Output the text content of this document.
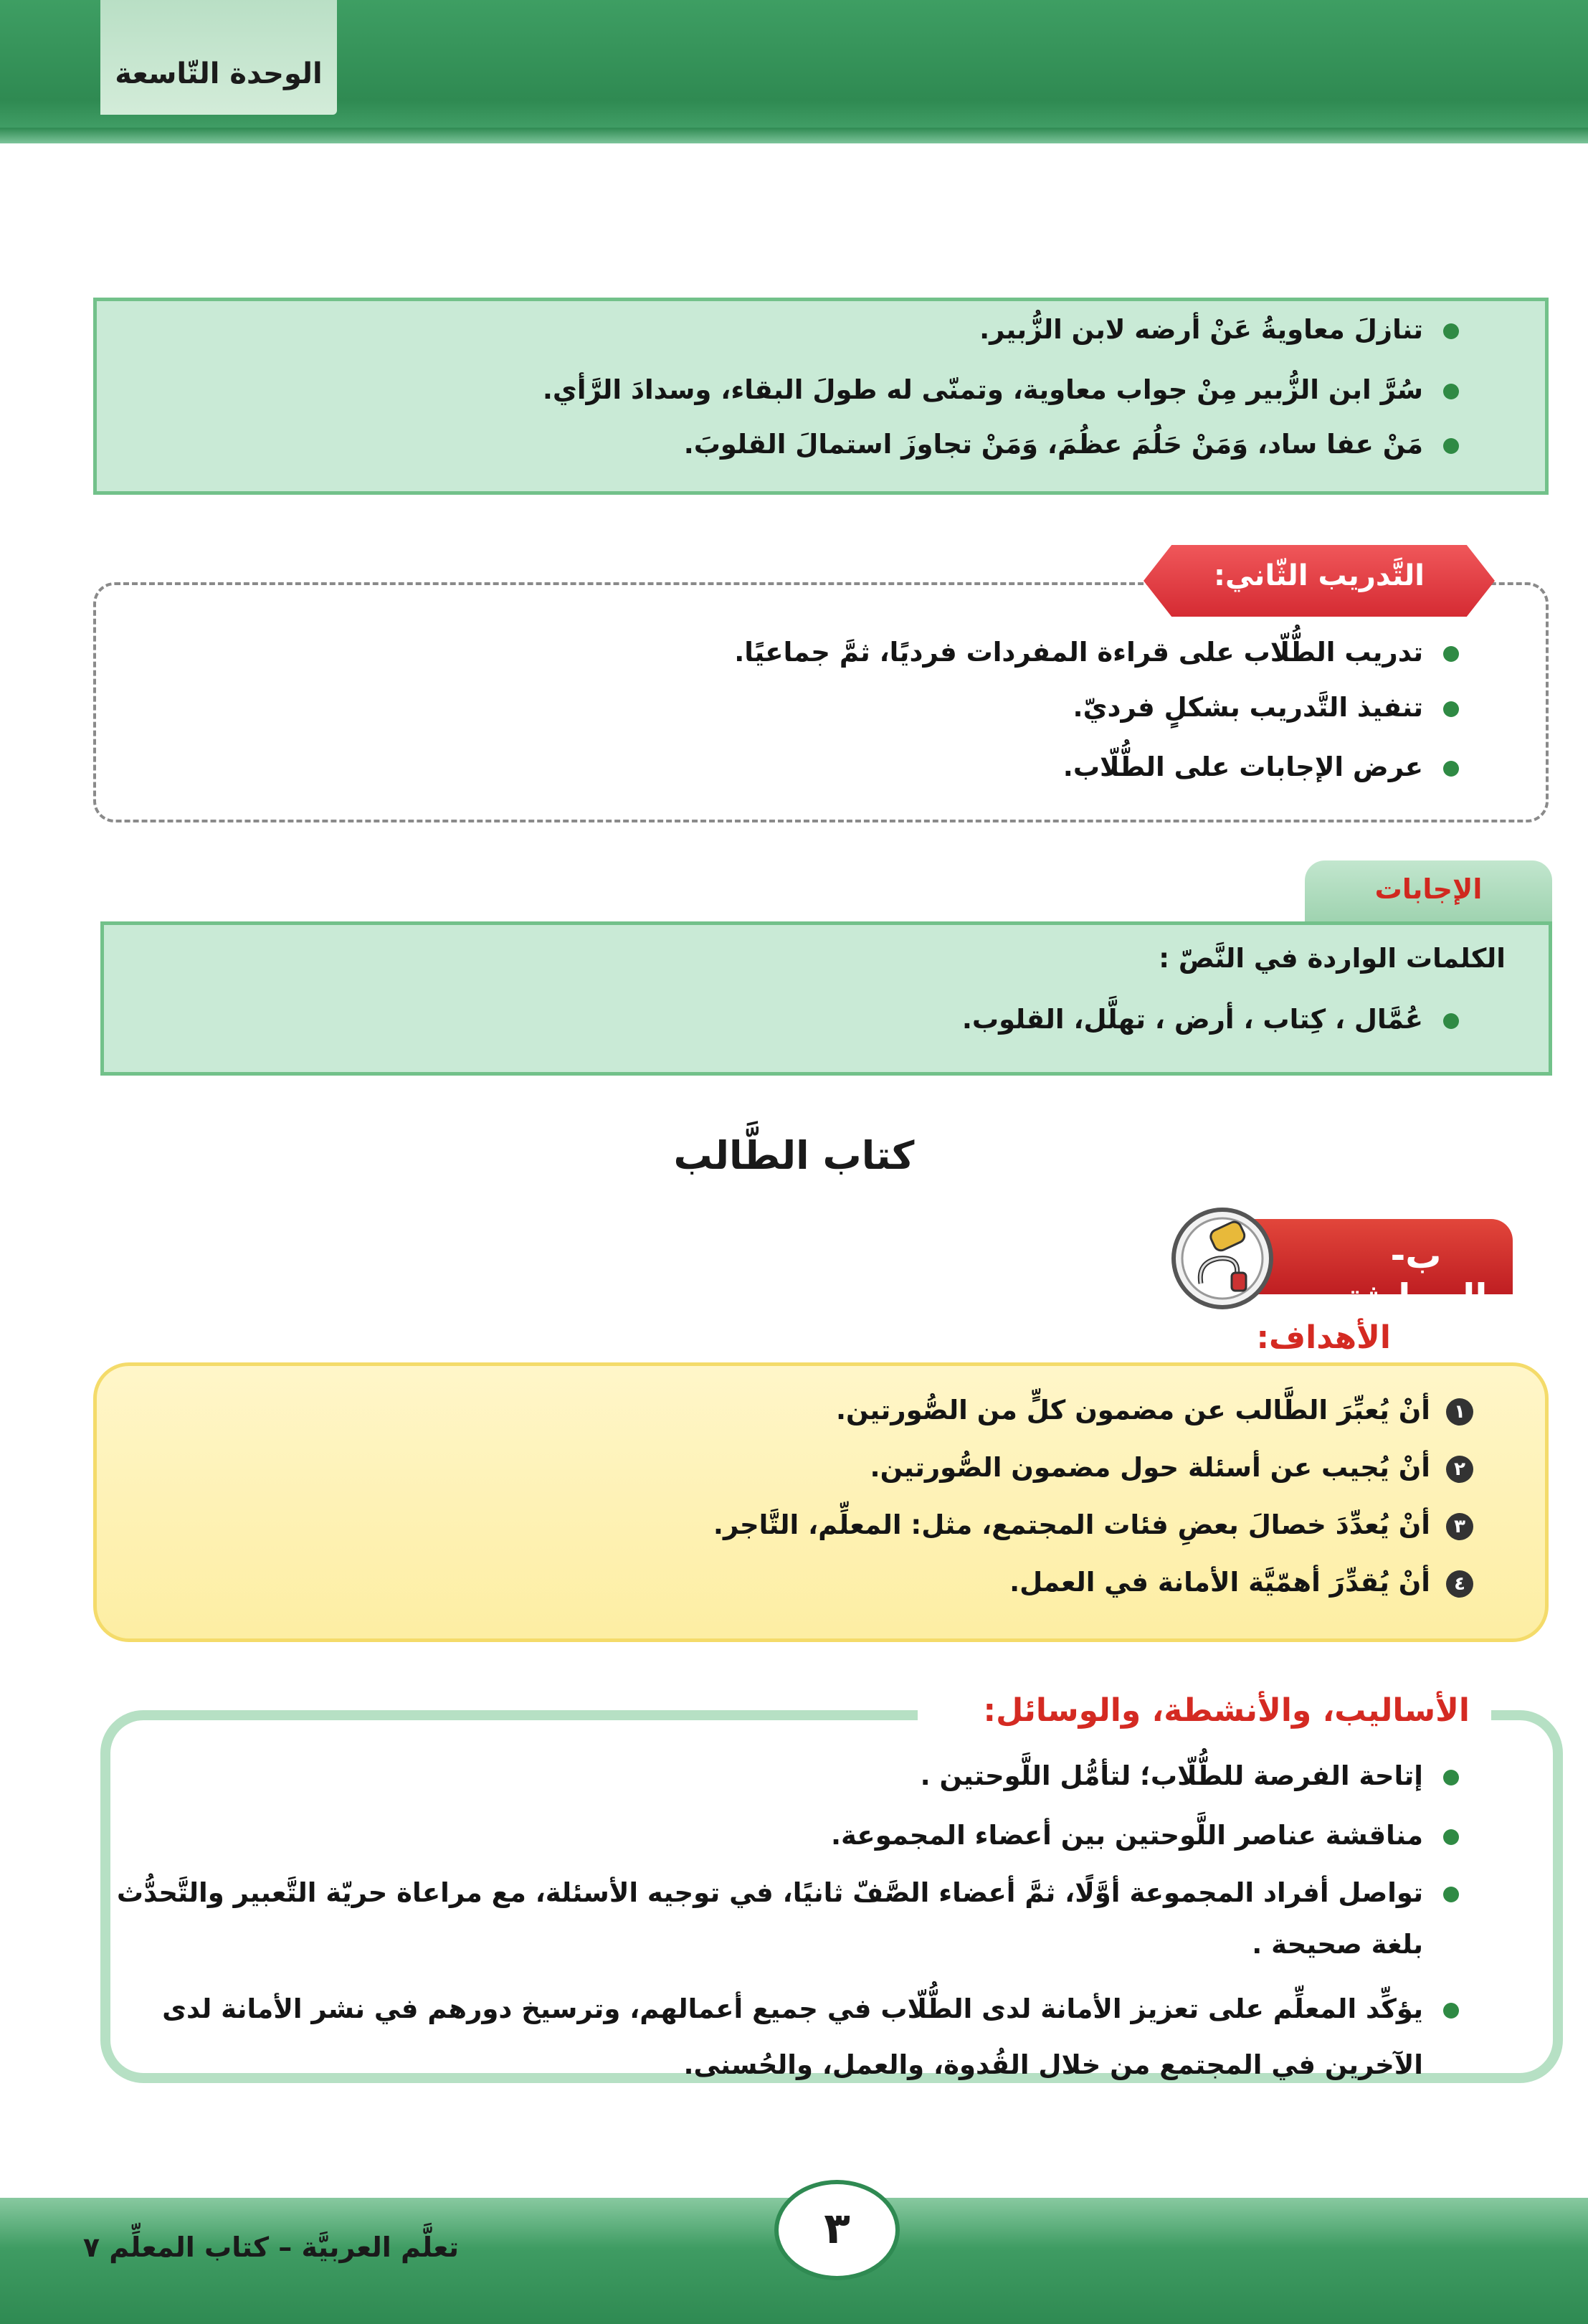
الوحدة التّاسعة
تنازلَ معاويةُ عَنْ أرضه لابن الزُّبير.
سُرَّ ابن الزُّبير مِنْ جواب معاوية، وتمنّى له طولَ البقاء، وسدادَ الرَّأي.
مَنْ عفا ساد، وَمَنْ حَلُمَ عظُمَ، وَمَنْ تجاوزَ استمالَ القلوبَ.
التَّدريب الثّاني:
تدريب الطُّلّاب على قراءة المفردات فرديًا، ثمَّ جماعيًا.
تنفيذ التَّدريب بشكلٍ فرديّ.
عرض الإجابات على الطُّلّاب.
الإجابات
الكلمات الواردة في النَّصّ :
عُمَّال ، كِتاب ، أرض ، تهلَّل، القلوب.
كتاب الطَّالب
ب- المحادثة
الأهداف:
١أنْ يُعبِّرَ الطَّالب عن مضمون كلٍّ من الصُّورتين.
٢أنْ يُجيب عن أسئلة حول مضمون الصُّورتين.
٣أنْ يُعدِّدَ خصالَ بعضِ فئات المجتمع، مثل: المعلِّم، التَّاجر.
٤أنْ يُقدِّرَ أهمّيَّة الأمانة في العمل.
الأساليب، والأنشطة، والوسائل:
إتاحة الفرصة للطُّلّاب؛ لتأمُّل اللَّوحتين .
مناقشة عناصر اللَّوحتين بين أعضاء المجموعة.
تواصل أفراد المجموعة أوَّلًا، ثمَّ أعضاء الصَّفّ ثانيًا، في توجيه الأسئلة، مع مراعاة حريّة التَّعبير والتَّحدُّث
بلغة صحيحة .
يؤكِّد المعلِّم على تعزيز الأمانة لدى الطُّلّاب في جميع أعمالهم، وترسيخ دورهم في نشر الأمانة لدى
الآخرين في المجتمع من خلال القُدوة، والعمل، والحُسنى.
٣
تعلَّم العربيَّة – كتاب المعلِّم ٧
